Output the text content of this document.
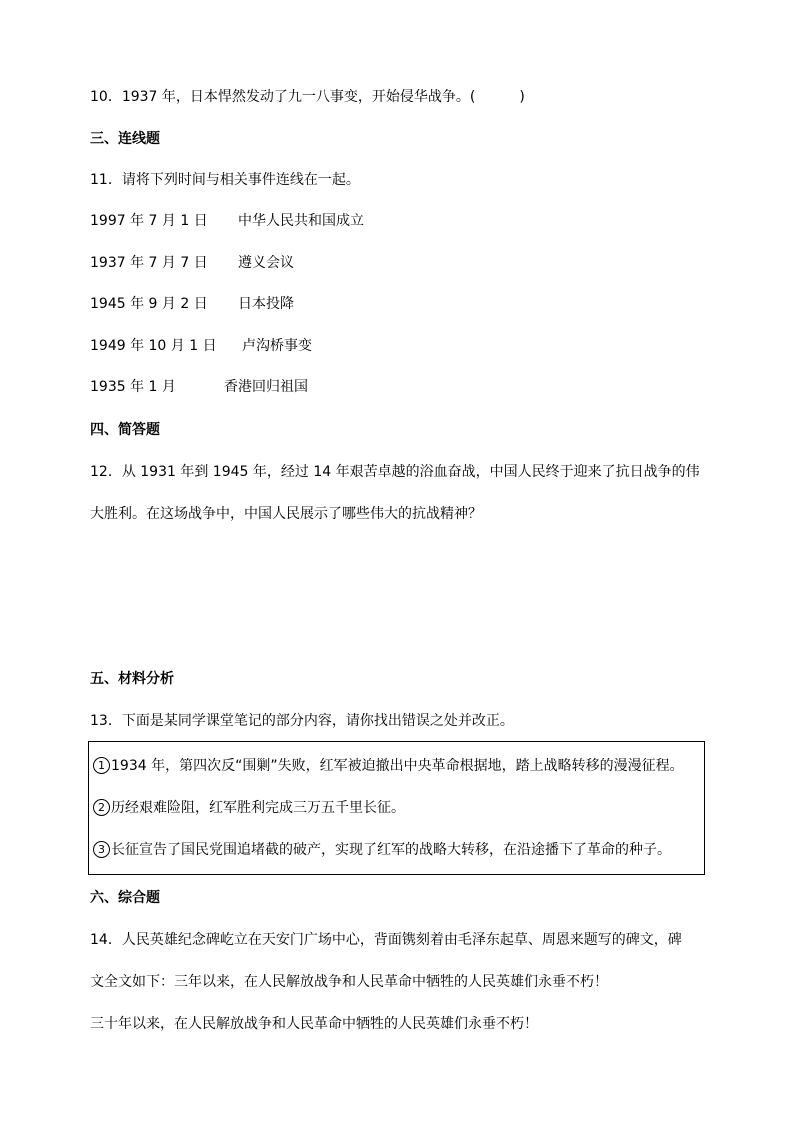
10．1937 年，日本悍然发动了九一八事变，开始侵华战争。(	)
三、连线题
11．请将下列时间与相关事件连线在一起。
1997 年 7 月 1 日 中华人民共和国成立
1937 年 7 月 7 日 遵义会议
1945 年 9 月 2 日 日本投降
1949 年 10 月 1 日 卢沟桥事变
1935 年 1 月	香港回归祖国
四、简答题
12．从 1931 年到 1945 年，经过 14 年艰苦卓越的浴血奋战，中国人民终于迎来了抗日战争的伟
大胜利。在这场战争中，中国人民展示了哪些伟大的抗战精神？
五、材料分析
13．下面是某同学课堂笔记的部分内容，请你找出错误之处并改正。
1 1934 年，第四次反“围剿”失败，红军被迫撤出中央革命根据地，踏上战略转移的漫漫征程。
2 历经艰难险阻，红军胜利完成三万五千里长征。
3 长征宣告了国民党围追堵截的破产，实现了红军的战略大转移，在沿途播下了革命的种子。
六、综合题
14．人民英雄纪念碑屹立在天安门广场中心，背面镌刻着由毛泽东起草、周恩来题写的碑文，碑
文全文如下：三年以来，在人民解放战争和人民革命中牺牲的人民英雄们永垂不朽！
三十年以来，在人民解放战争和人民革命中牺牲的人民英雄们永垂不朽！
